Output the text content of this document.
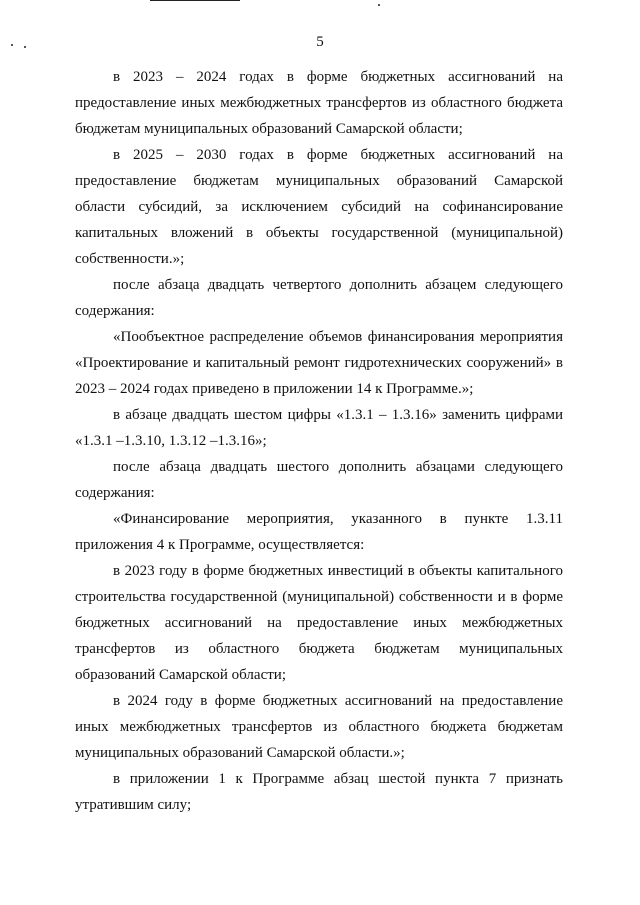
5

в 2023 – 2024 годах в форме бюджетных ассигнований на предоставление иных межбюджетных трансфертов из областного бюджета бюджетам муниципальных образований Самарской области;

в 2025 – 2030 годах в форме бюджетных ассигнований на предоставление бюджетам муниципальных образований Самарской области субсидий, за исключением субсидий на софинансирование капитальных вложений в объекты государственной (муниципальной) собственности.»;

после абзаца двадцать четвертого дополнить абзацем следующего содержания:

«Пообъектное распределение объемов финансирования мероприятия «Проектирование и капитальный ремонт гидротехнических сооружений» в 2023 – 2024 годах приведено в приложении 14 к Программе.»;

в абзаце двадцать шестом цифры «1.3.1 – 1.3.16» заменить цифрами «1.3.1 –1.3.10, 1.3.12 –1.3.16»;

после абзаца двадцать шестого дополнить абзацами следующего содержания:

«Финансирование мероприятия, указанного в пункте 1.3.11 приложения 4 к Программе, осуществляется:

в 2023 году в форме бюджетных инвестиций в объекты капитального строительства государственной (муниципальной) собственности и в форме бюджетных ассигнований на предоставление иных межбюджетных трансфертов из областного бюджета бюджетам муниципальных образований Самарской области;

в 2024 году в форме бюджетных ассигнований на предоставление иных межбюджетных трансфертов из областного бюджета бюджетам муниципальных образований Самарской области.»;

в приложении 1 к Программе абзац шестой пункта 7 признать утратившим силу;
